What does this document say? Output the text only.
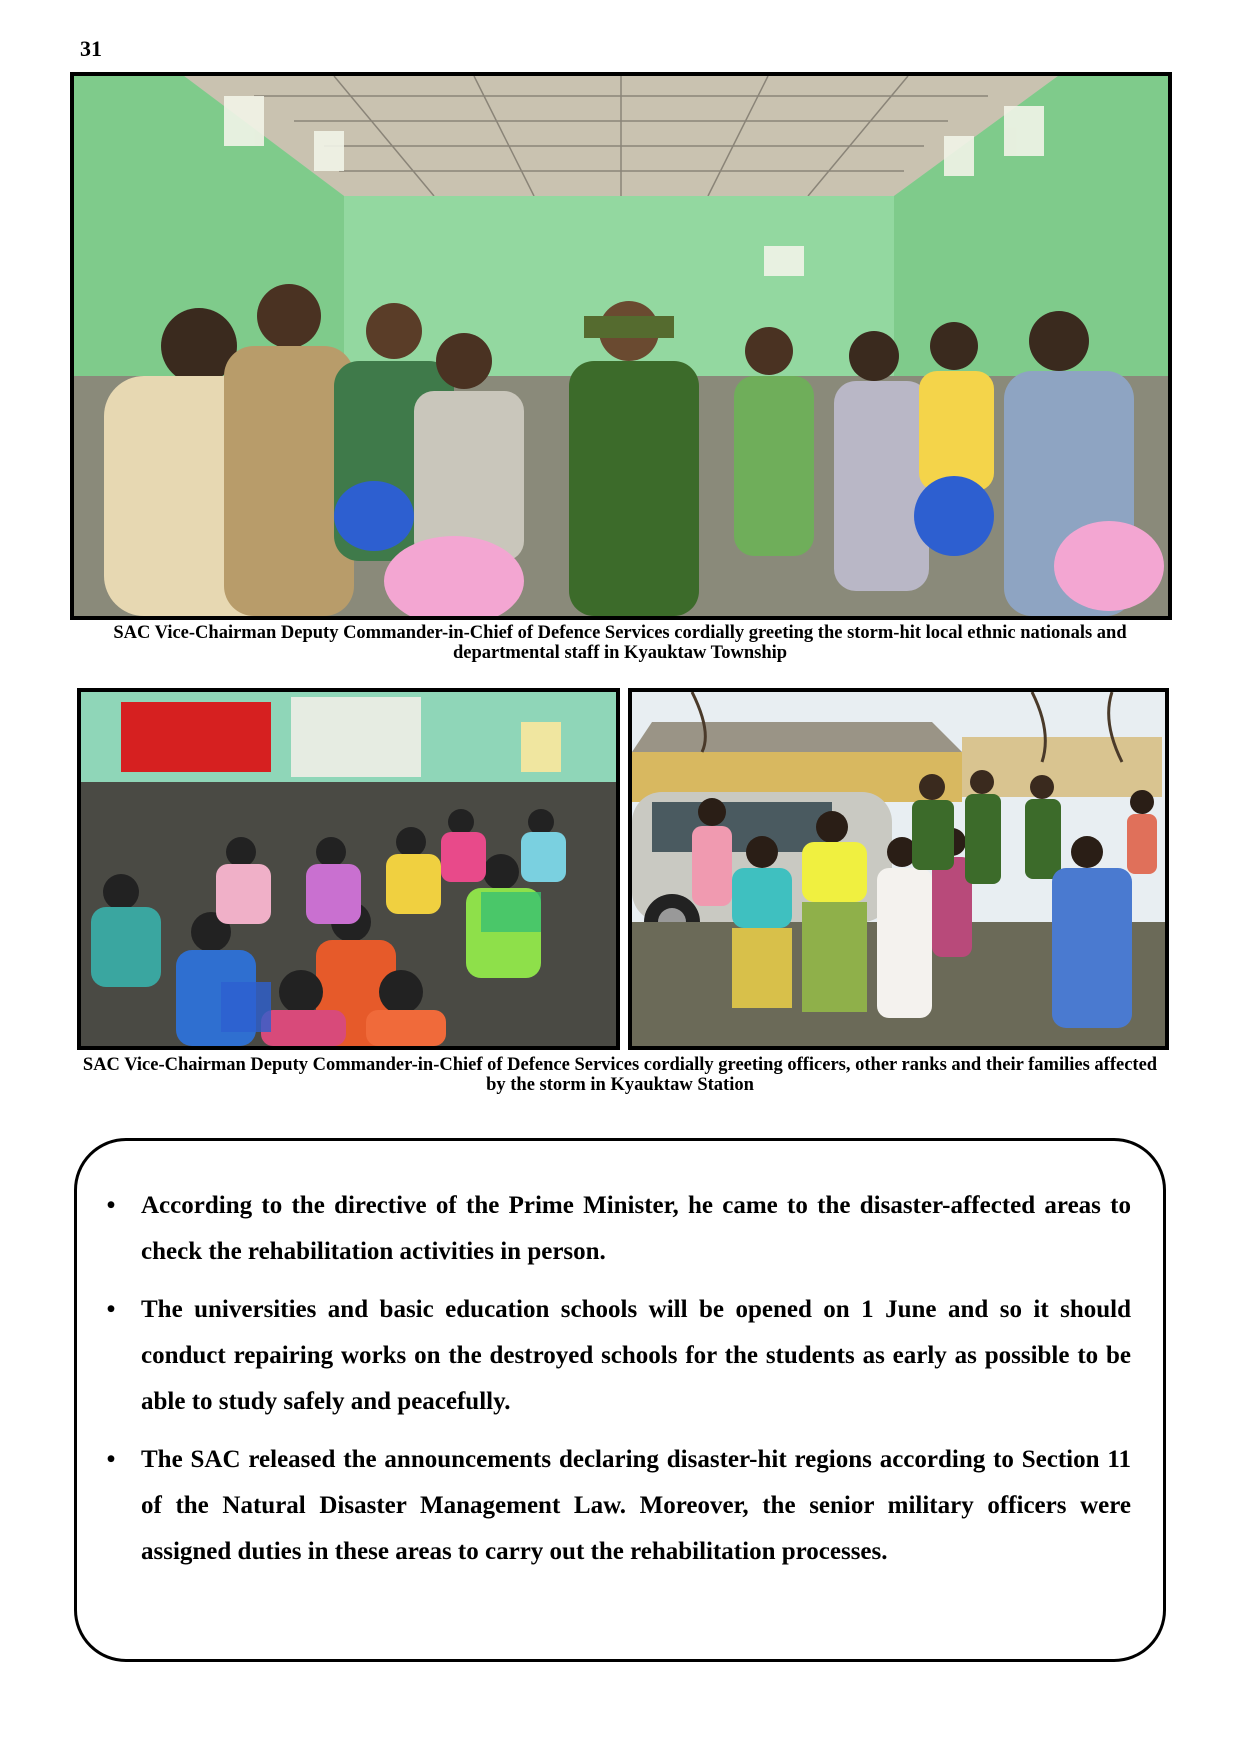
31
SAC Vice-Chairman Deputy Commander-in-Chief of Defence Services cordially greeting the storm-hit local ethnic nationals and departmental staff in Kyauktaw Township
SAC Vice-Chairman Deputy Commander-in-Chief of Defence Services cordially greeting officers, other ranks and their families affected by the storm in Kyauktaw Station
• According to the directive of the Prime Minister, he came to the disaster-affected areas to check the rehabilitation activities in person.
• The universities and basic education schools will be opened on 1 June and so it should conduct repairing works on the destroyed schools for the students as early as possible to be able to study safely and peacefully.
• The SAC released the announcements declaring disaster-hit regions according to Section 11 of the Natural Disaster Management Law. Moreover, the senior military officers were assigned duties in these areas to carry out the rehabilitation processes.
